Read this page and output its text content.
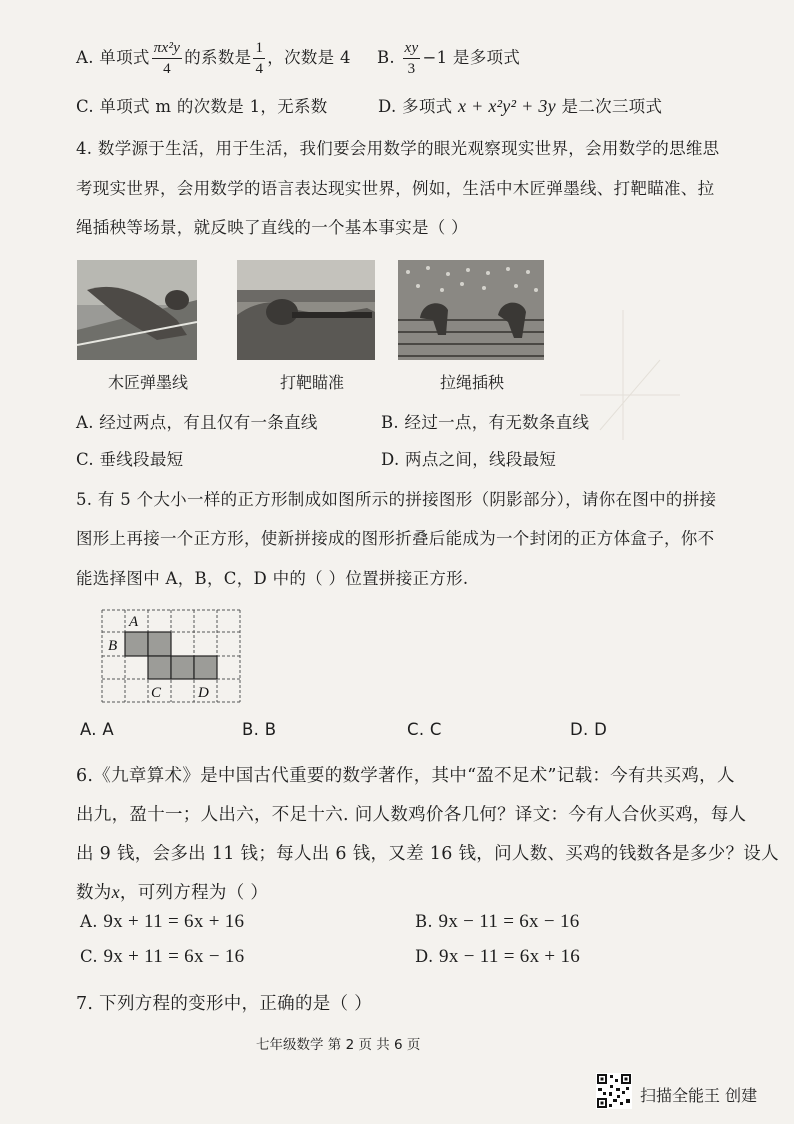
A. 单项式 $\frac{\text{πx²y}}{4}$ 的系数是 $\frac{1}{4}$ ，次数是 4 B. $\frac{xy}{3} -1$ 是多项式
C. 单项式 m 的次数是 1，无系数	D. 多项式 x + x²y² + 3y 是二次三项式
4. 数学源于生活，用于生活，我们要会用数学的眼光观察现实世界，会用数学的思维思
考现实世界，会用数学的语言表达现实世界，例如，生活中木匠弹墨线、打靶瞄准、拉
绳插秧等场景，就反映了直线的一个基本事实是（ ）
木匠弹墨线	打靶瞄准	拉绳插秧
A. 经过两点，有且仅有一条直线	B. 经过一点，有无数条直线
C. 垂线段最短	D. 两点之间，线段最短
5. 有 5 个大小一样的正方形制成如图所示的拼接图形（阴影部分），请你在图中的拼接
图形上再接一个正方形，使新拼接成的图形折叠后能成为一个封闭的正方体盒子，你不
能选择图中 A，B，C，D 中的（ ）位置拼接正方形.
A
B
C D
A. A	B. B	C. C	D. D
6.《九章算术》是中国古代重要的数学著作，其中“盈不足术”记载：今有共买鸡，人
出九，盈十一；人出六，不足十六. 问人数鸡价各几何？译文：今有人合伙买鸡，每人
出 9 钱，会多出 11 钱；每人出 6 钱，又差 16 钱，问人数、买鸡的钱数各是多少？设人
数为x，可列方程为（ ）
A. 9x + 11 = 6x + 16	B. 9x − 11 = 6x − 16
C. 9x + 11 = 6x − 16	D. 9x − 11 = 6x + 16
7. 下列方程的变形中，正确的是（ ）
七年级数学 第 2 页 共 6 页
扫描全能王 创建
